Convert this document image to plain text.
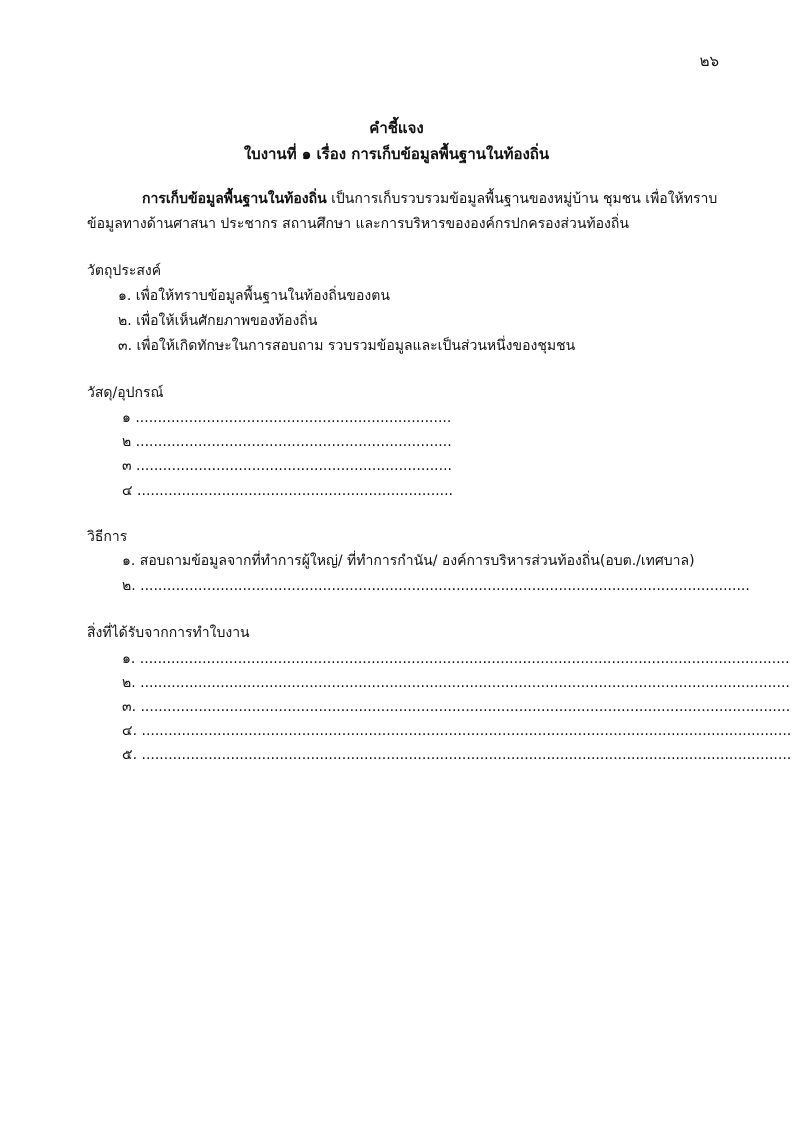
๒๖
คำชี้แจง
ใบงานที่ ๑ เรื่อง การเก็บข้อมูลพื้นฐานในท้องถิ่น
การเก็บข้อมูลพื้นฐานในท้องถิ่น เป็นการเก็บรวบรวมข้อมูลพื้นฐานของหมู่บ้าน ชุมชน เพื่อให้ทราบ
ข้อมูลทางด้านศาสนา ประชากร สถานศึกษา และการบริหารขององค์กรปกครองส่วนท้องถิ่น
วัตถุประสงค์
๑. เพื่อให้ทราบข้อมูลพื้นฐานในท้องถิ่นของตน
๒. เพื่อให้เห็นศักยภาพของท้องถิ่น
๓. เพื่อให้เกิดทักษะในการสอบถาม รวบรวมข้อมูลและเป็นส่วนหนึ่งของชุมชน
วัสดุ/อุปกรณ์
๑ .......................................................................
๒ .......................................................................
๓ .......................................................................
๔ .......................................................................
วิธีการ
๑. สอบถามข้อมูลจากที่ทำการผู้ใหญ่/ ที่ทำการกำนัน/ องค์การบริหารส่วนท้องถิ่น(อบต./เทศบาล)
๒. .........................................................................................................................................
สิ่งที่ได้รับจากการทำใบงาน
๑. ..................................................................................................................................................
๒. ..................................................................................................................................................
๓. ..................................................................................................................................................
๔. ..................................................................................................................................................
๕. ..................................................................................................................................................
